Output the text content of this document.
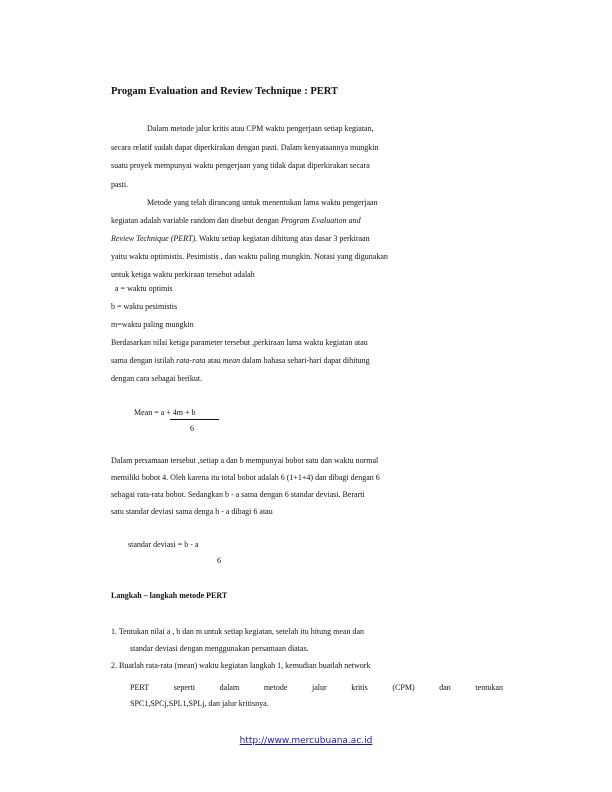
Progam Evaluation and Review Technique : PERT
Dalam metode jalur kritis atau CPM waktu pengerjaan setiap kegiatan,
secara relatif sudah dapat diperkirakan dengan pasti. Dalam kenyataannya mungkin
suatu proyek mempunyai waktu pengerjaan yang tidak dapat diperkirakan secara
pasti.
Metode yang telah dirancang untuk menentukan lama waktu pengerjaan
kegiatan adalah variable random dan disebut dengan Program Evaluation and
Review Technique (PERT). Waktu setiap kegiatan dihitung atas dasar 3 perkiraan
yaitu waktu optimistis. Pesimistis , dan waktu paling mungkin. Notasi yang digunakan
untuk ketiga waktu perkiraan tersebut adalah
a = waktu optimis
b = waktu pesimistis
m=waktu paling mungkin
Berdasarkan nilai ketiga parameter tersebut ,perkiraan lama waktu kegiatan atau
sama dengan istilah rata-rata atau mean dalam bahasa sehari-hari dapat dihitung
dengan cara sebagai berikut.
Mean = a + 4m + b
6
Dalam persamaan tersebut ,setiap a dan b mempunyai bobot satu dan waktu normal
memiliki bobot 4. Oleh karena itu total bobot adalah 6 (1+1+4) dan dibagi dengan 6
sebagai rata-rata bobot. Sedangkan b - a sama dengan 6 standar deviasi. Berarti
satu standar deviasi sama denga b - a dibagi 6 atau
standar deviasi = b - a
6
Langkah – langkah metode PERT
1. Tentukan nilai a , b dan m untuk setiap kegiatan, setelah itu hitung mean dan
standar deviasi dengan menggunakan persamaan diatas.
2. Buatlah rata-rata (mean) waktu kegiatan langkah 1, kemudian buatlah network
PERT	seperti	dalam	metode	jalur	kritis	(CPM)	dan	tentukan
SPC1,SPCj,SPL1,SPLj, dan jalur kritisnya.
http://www.mercubuana.ac.id
